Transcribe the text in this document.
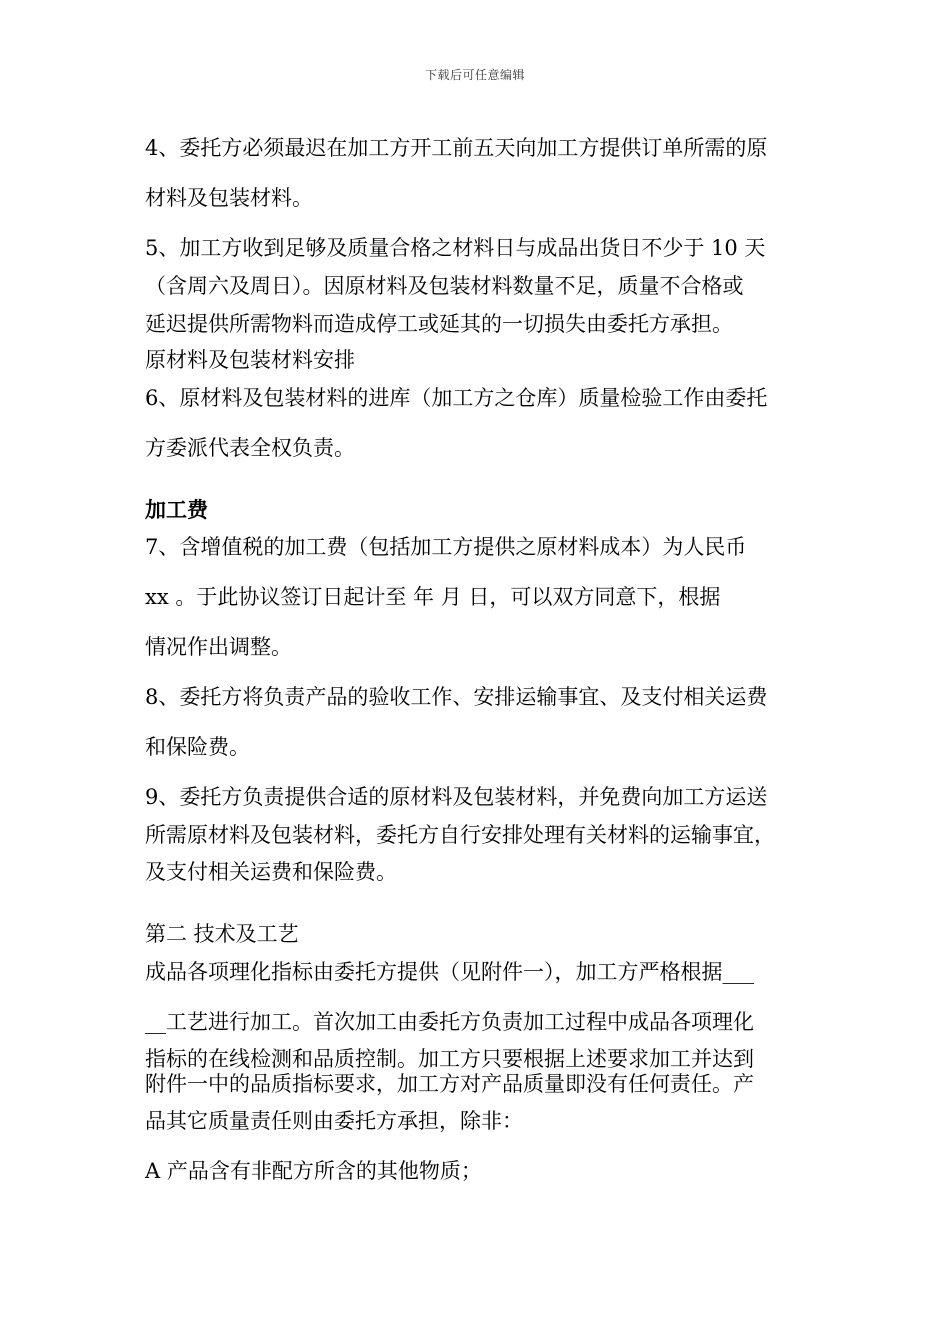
下载后可任意编辑
4、委托方必须最迟在加工方开工前五天向加工方提供订单所需的原
材料及包装材料。
5、加工方收到足够及质量合格之材料日与成品出货日不少于 10 天
（含周六及周日）。因原材料及包装材料数量不足，质量不合格或
延迟提供所需物料而造成停工或延其的一切损失由委托方承担。
原材料及包装材料安排
6、原材料及包装材料的进库（加工方之仓库）质量检验工作由委托
方委派代表全权负责。
加工费
7、含增值税的加工费（包括加工方提供之原材料成本）为人民币
xx 。于此协议签订日起计至 年 月 日，可以双方同意下，根据
情况作出调整。
8、委托方将负责产品的验收工作、安排运输事宜、及支付相关运费
和保险费。
9、委托方负责提供合适的原材料及包装材料，并免费向加工方运送
所需原材料及包装材料，委托方自行安排处理有关材料的运输事宜，
及支付相关运费和保险费。
第二 技术及工艺
成品各项理化指标由委托方提供（见附件一），加工方严格根据___
__工艺进行加工。首次加工由委托方负责加工过程中成品各项理化
指标的在线检测和品质控制。加工方只要根据上述要求加工并达到
附件一中的品质指标要求，加工方对产品质量即没有任何责任。产
品其它质量责任则由委托方承担，除非：
A 产品含有非配方所含的其他物质；
